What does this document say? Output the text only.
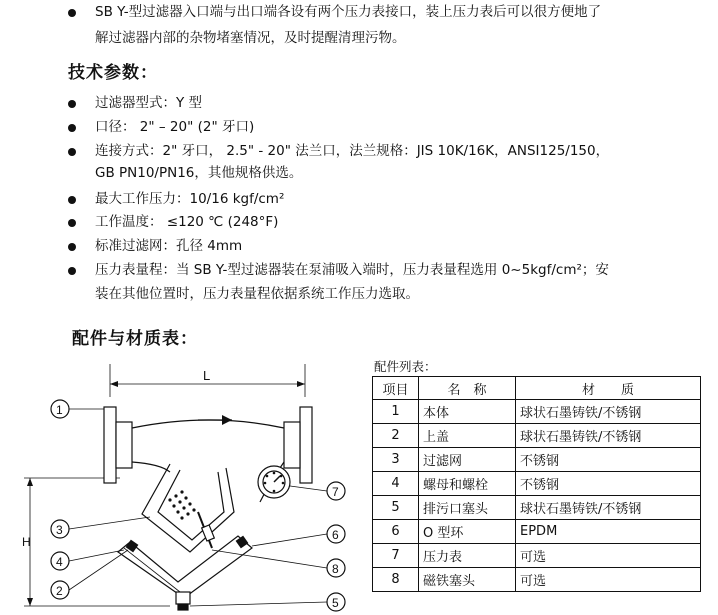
SB Y-型过滤器入口端与出口端各设有两个压力表接口，装上压力表后可以很方便地了
解过滤器内部的杂物堵塞情况，及时提醒清理污物。
技术参数：
过滤器型式：Y 型
口径： 2" – 20" (2" 牙口)
连接方式：2" 牙口， 2.5" - 20" 法兰口，法兰规格：JIS 10K/16K，ANSI125/150，
GB PN10/PN16，其他规格供选。
最大工作压力：10/16 kgf/cm²
工作温度： ≤120 ℃ (248°F)
标准过滤网：孔径 4mm
压力表量程：当 SB Y-型过滤器装在泵浦吸入端时，压力表量程选用 0~5kgf/cm²；安
装在其他位置时，压力表量程依据系统工作压力选取。
配件与材质表：
L
H
1
2
3
4
5
6
7
8
配件列表：
项目	名　称	材　　质
1	本体	球状石墨铸铁/不锈钢
2	上盖	球状石墨铸铁/不锈钢
3	过滤网	不锈钢
4	螺母和螺栓	不锈钢
5	排污口塞头	球状石墨铸铁/不锈钢
6	O 型环	EPDM
7	压力表	可选
8	磁铁塞头	可选
